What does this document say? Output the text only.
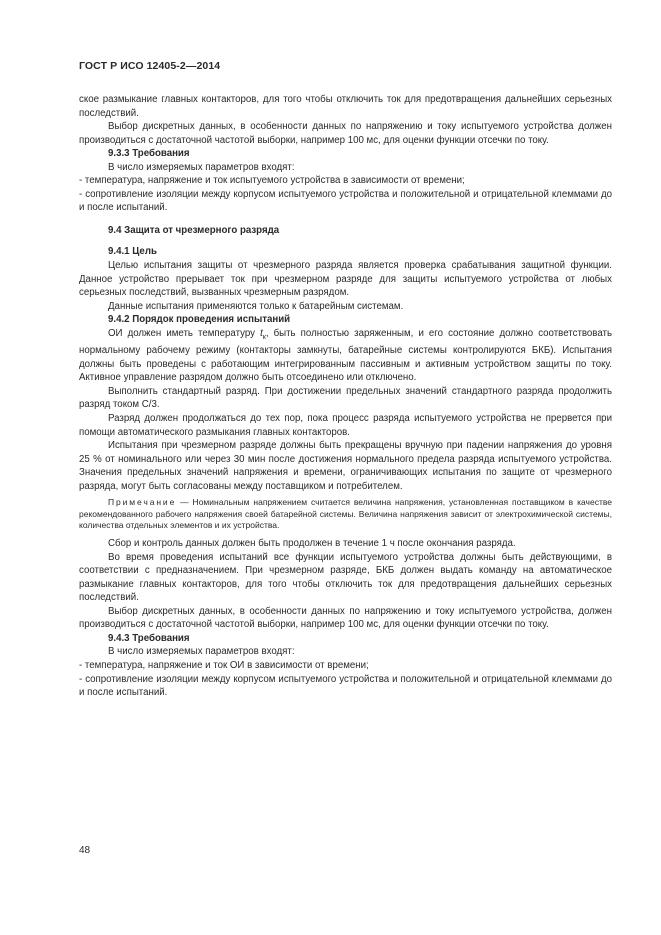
ГОСТ Р ИСО 12405-2—2014

ское размыкание главных контакторов, для того чтобы отключить ток для предотвращения дальнейших серьезных последствий.

Выбор дискретных данных, в особенности данных по напряжению и току испытуемого устройства должен производиться с достаточной частотой выборки, например 100 мс, для оценки функции отсечки по току.

9.3.3 Требования

В число измеряемых параметров входят:

- температура, напряжение и ток испытуемого устройства в зависимости от времени;

- сопротивление изоляции между корпусом испытуемого устройства и положительной и отрицательной клеммами до и после испытаний.

9.4 Защита от чрезмерного разряда

9.4.1 Цель

Целью испытания защиты от чрезмерного разряда является проверка срабатывания защитной функции. Данное устройство прерывает ток при чрезмерном разряде для защиты испытуемого устройства от любых серьезных последствий, вызванных чрезмерным разрядом.

Данные испытания применяются только к батарейным системам.

9.4.2 Порядок проведения испытаний

ОИ должен иметь температуру $t_к$, быть полностью заряженным, и его состояние должно соответствовать нормальному рабочему режиму (контакторы замкнуты, батарейные системы контролируются БКБ). Испытания должны быть проведены с работающим интегрированным пассивным и активным устройством защиты по току. Активное управление разрядом должно быть отсоединено или отключено.

Выполнить стандартный разряд. При достижении предельных значений стандартного разряда продолжить разряд током С/3.

Разряд должен продолжаться до тех пор, пока процесс разряда испытуемого устройства не прервется при помощи автоматического размыкания главных контакторов.

Испытания при чрезмерном разряде должны быть прекращены вручную при падении напряжения до уровня 25 % от номинального или через 30 мин после достижения нормального предела разряда испытуемого устройства. Значения предельных значений напряжения и времени, ограничивающих испытания по защите от чрезмерного разряда, могут быть согласованы между поставщиком и потребителем.

Примечание — Номинальным напряжением считается величина напряжения, установленная поставщиком в качестве рекомендованного рабочего напряжения своей батарейной системы. Величина напряжения зависит от электрохимической системы, количества отдельных элементов и их устройства.

Сбор и контроль данных должен быть продолжен в течение 1 ч после окончания разряда.

Во время проведения испытаний все функции испытуемого устройства должны быть действующими, в соответствии с предназначением. При чрезмерном разряде, БКБ должен выдать команду на автоматическое размыкание главных контакторов, для того чтобы отключить ток для предотвращения дальнейших серьезных последствий.

Выбор дискретных данных, в особенности данных по напряжению и току испытуемого устройства, должен производиться с достаточной частотой выборки, например 100 мс, для оценки функции отсечки по току.

9.4.3 Требования

В число измеряемых параметров входят:

- температура, напряжение и ток ОИ в зависимости от времени;

- сопротивление изоляции между корпусом испытуемого устройства и положительной и отрицательной клеммами до и после испытаний.

48
